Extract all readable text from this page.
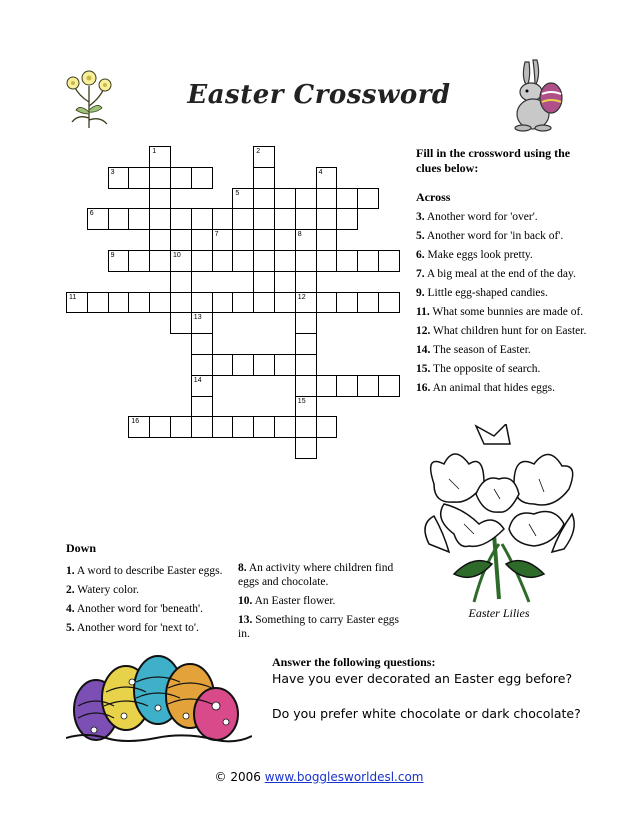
Easter Crossword
1	2
3	4
5
6
7	8
9	10
11	12
13
14
15
16
Fill in the crossword using the clues below:
Across
3. Another word for 'over'.
5. Another word for 'in back of'.
6. Make eggs look pretty.
7. A big meal at the end of the day.
9. Little egg-shaped candies.
11. What some bunnies are made of.
12. What children hunt for on Easter.
14. The season of Easter.
15. The opposite of search.
16. An animal that hides eggs.
Down
1. A word to describe Easter eggs.
2. Watery color.
4. Another word for 'beneath'.
5. Another word for 'next to'.
8. An activity where children find eggs and chocolate.
10. An Easter flower.
13. Something to carry Easter eggs in.
Easter Lilies
Answer the following questions:
Have you ever decorated an Easter egg before?
Do you prefer white chocolate or dark chocolate?
© 2006 www.bogglesworldesl.com
